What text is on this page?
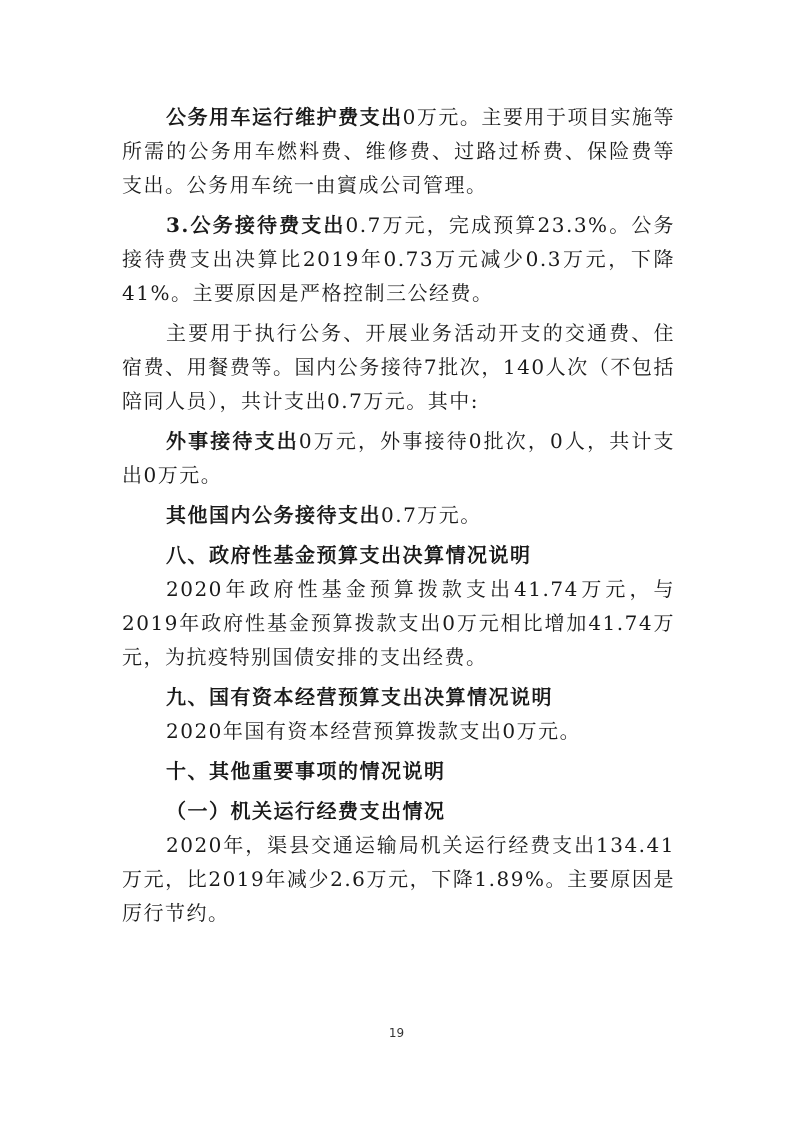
公务用车运行维护费支出0万元。主要用于项目实施等所需的公务用车燃料费、维修费、过路过桥费、保险费等支出。公务用车统一由賨成公司管理。

3.公务接待费支出0.7万元，完成预算23.3%。公务接待费支出决算比2019年0.73万元减少0.3万元，下降41%。主要原因是严格控制三公经费。

主要用于执行公务、开展业务活动开支的交通费、住宿费、用餐费等。国内公务接待7批次，140人次（不包括陪同人员），共计支出0.7万元。其中:

外事接待支出0万元，外事接待0批次，0人，共计支出0万元。

其他国内公务接待支出0.7万元。

八、政府性基金预算支出决算情况说明

2020年政府性基金预算拨款支出41.74万元，与2019年政府性基金预算拨款支出0万元相比增加41.74万元，为抗疫特别国债安排的支出经费。

九、国有资本经营预算支出决算情况说明

2020年国有资本经营预算拨款支出0万元。

十、其他重要事项的情况说明
（一）机关运行经费支出情况

2020年，渠县交通运输局机关运行经费支出134.41万元，比2019年减少2.6万元，下降1.89%。主要原因是厉行节约。

19
